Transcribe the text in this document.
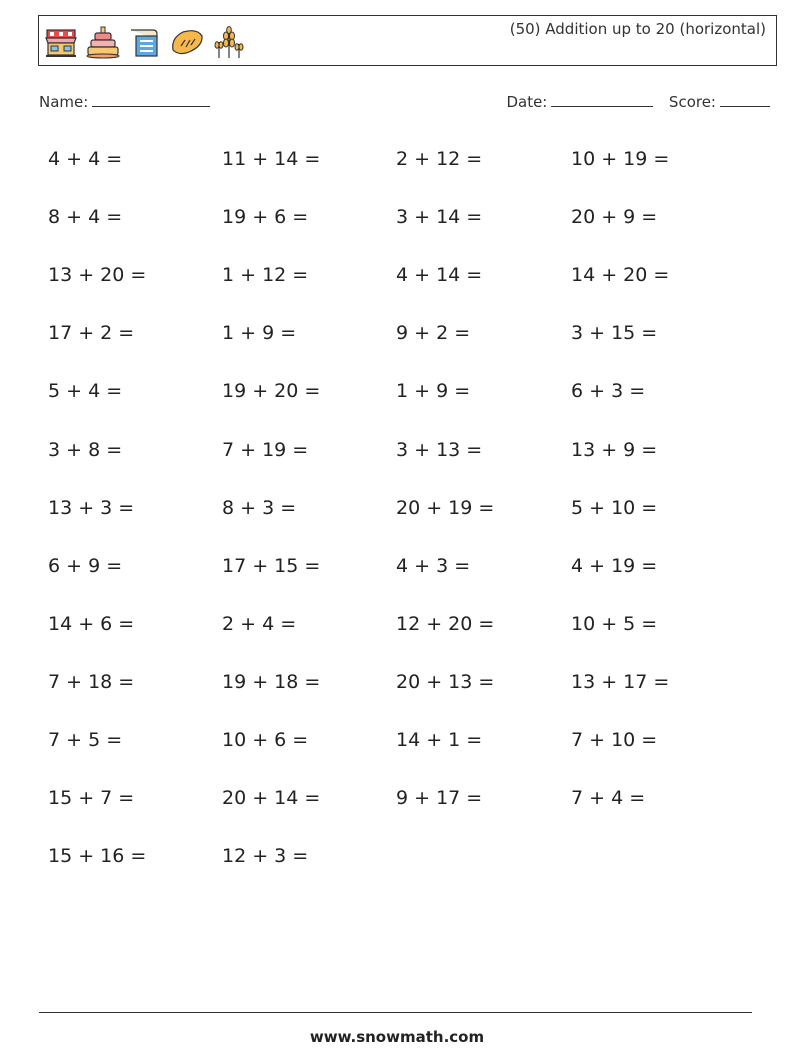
(50) Addition up to 20 (horizontal)
Name:	Date:	Score:
4 + 4 =	11 + 14 =	2 + 12 =	10 + 19 =
8 + 4 =	19 + 6 =	3 + 14 =	20 + 9 =
13 + 20 =	1 + 12 =	4 + 14 =	14 + 20 =
17 + 2 =	1 + 9 =	9 + 2 =	3 + 15 =
5 + 4 =	19 + 20 =	1 + 9 =	6 + 3 =
3 + 8 =	7 + 19 =	3 + 13 =	13 + 9 =
13 + 3 =	8 + 3 =	20 + 19 =	5 + 10 =
6 + 9 =	17 + 15 =	4 + 3 =	4 + 19 =
14 + 6 =	2 + 4 =	12 + 20 =	10 + 5 =
7 + 18 =	19 + 18 =	20 + 13 =	13 + 17 =
7 + 5 =	10 + 6 =	14 + 1 =	7 + 10 =
15 + 7 =	20 + 14 =	9 + 17 =	7 + 4 =
15 + 16 =	12 + 3 =
www.snowmath.com
